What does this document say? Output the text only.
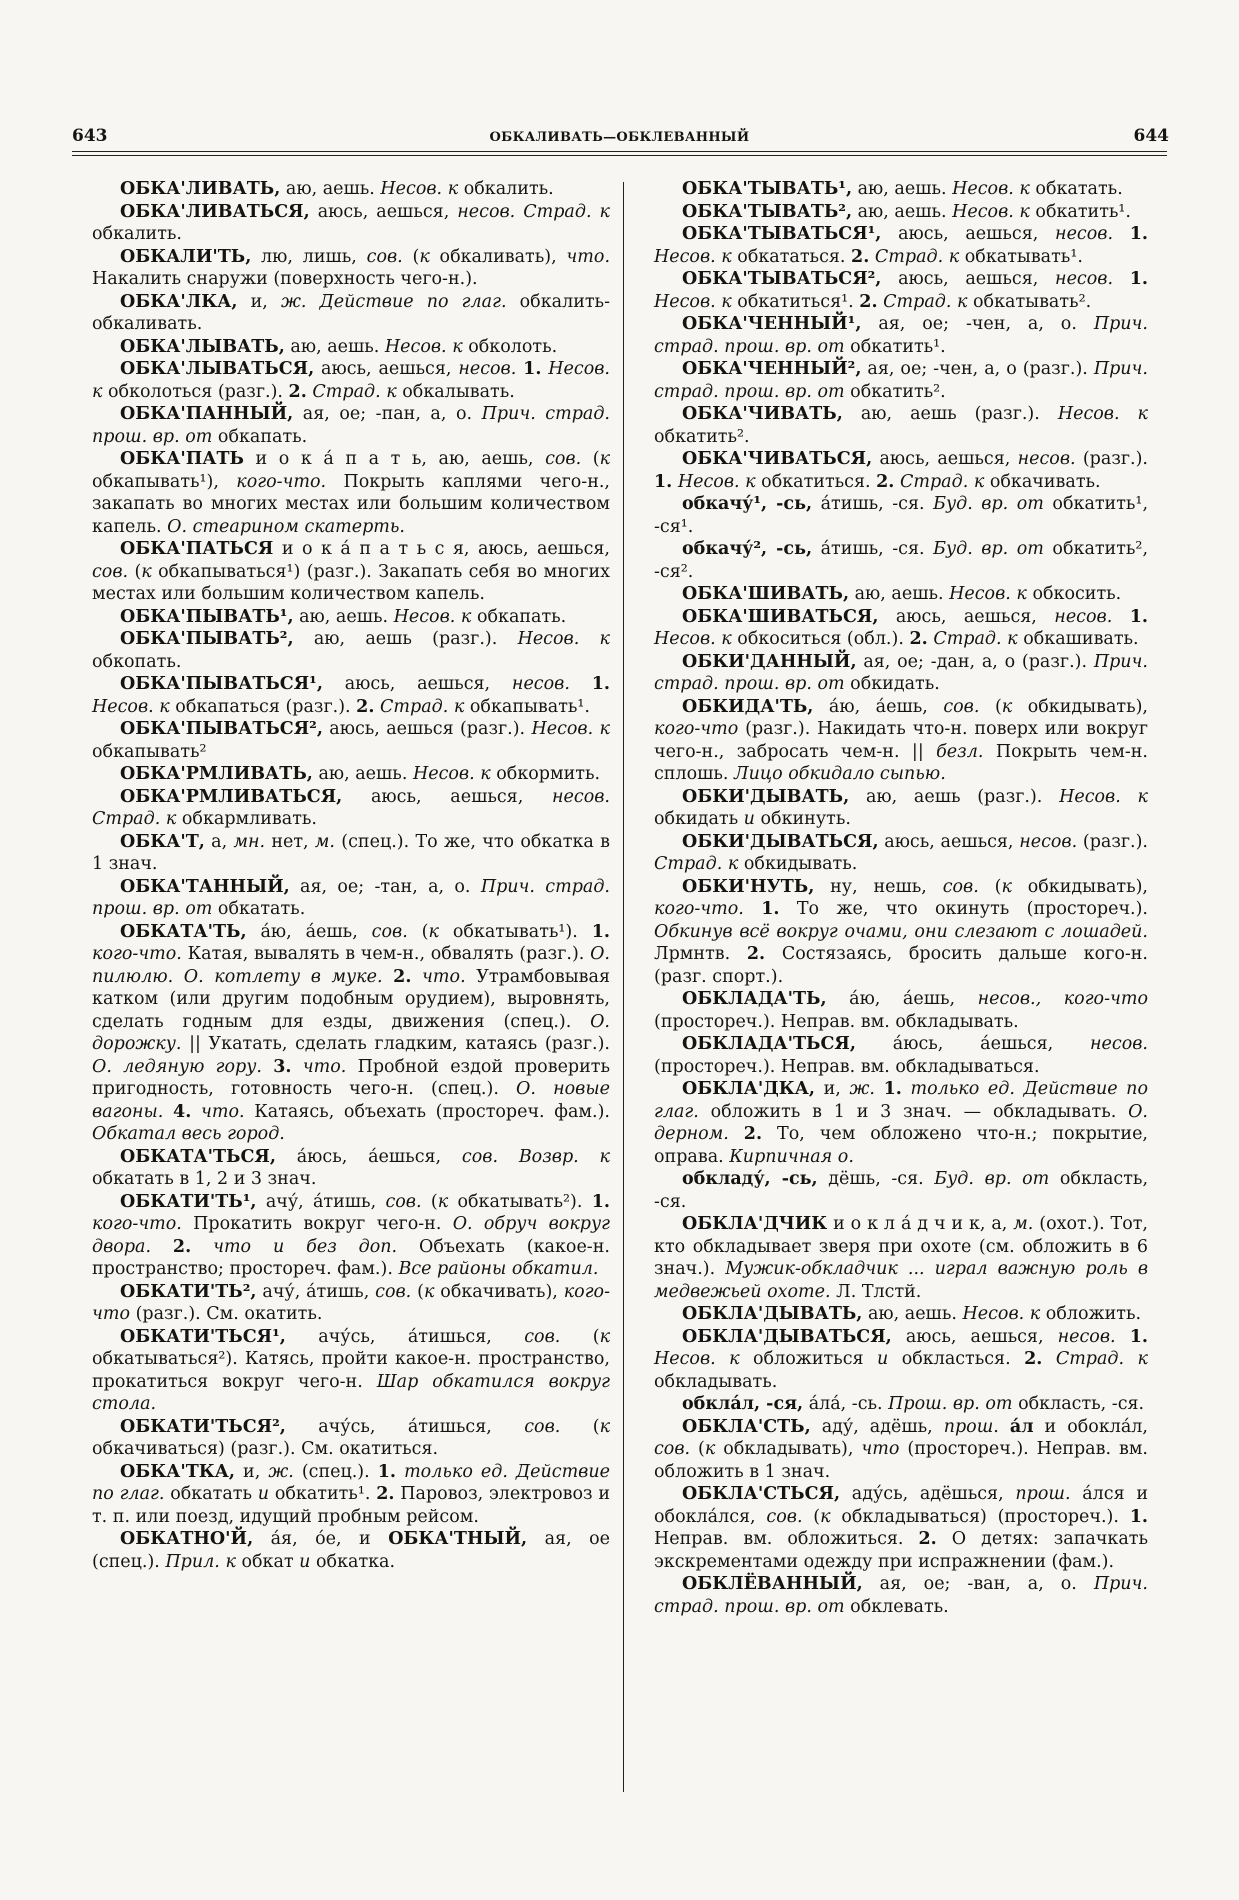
643	ОБКАЛИВАТЬ—ОБКЛЕВАННЫЙ	644

ОБКА'ЛИВАТЬ, аю, аешь. Несов. к обкалить.

ОБКА'ЛИВАТЬСЯ, аюсь, аешься, несов. Страд. к обкалить.

ОБКАЛИ'ТЬ, лю, лишь, сов. (к обкаливать), что. Накалить снаружи (поверхность чего-н.).

ОБКА'ЛКА, и, ж. Действие по глаг. обкалить-обкаливать.

ОБКА'ЛЫВАТЬ, аю, аешь. Несов. к обколоть.

ОБКА'ЛЫВАТЬСЯ, аюсь, аешься, несов. 1. Несов. к обколоться (разг.). 2. Страд. к обкалывать.

ОБКА'ПАННЫЙ, ая, ое; -пан, а, о. Прич. страд. прош. вр. от обкапать.

ОБКА'ПАТЬ и о к а́ п а т ь, аю, аешь, сов. (к обкапывать¹), кого-что. Покрыть каплями чего-н., закапать во многих местах или большим количеством капель. О. стеарином скатерть.

ОБКА'ПАТЬСЯ и о к а́ п а т ь с я, аюсь, аешься, сов. (к обкапываться¹) (разг.). Закапать себя во многих местах или большим количеством капель.

ОБКА'ПЫВАТЬ¹, аю, аешь. Несов. к обкапать.

ОБКА'ПЫВАТЬ², аю, аешь (разг.). Несов. к обкопать.

ОБКА'ПЫВАТЬСЯ¹, аюсь, аешься, несов. 1. Несов. к обкапаться (разг.). 2. Страд. к обкапывать¹.

ОБКА'ПЫВАТЬСЯ², аюсь, аешься (разг.). Несов. к обкапывать²

ОБКА'РМЛИВАТЬ, аю, аешь. Несов. к обкормить.

ОБКА'РМЛИВАТЬСЯ, аюсь, аешься, несов. Страд. к обкармливать.

ОБКА'Т, а, мн. нет, м. (спец.). То же, что обкатка в 1 знач.

ОБКА'ТАННЫЙ, ая, ое; -тан, а, о. Прич. страд. прош. вр. от обкатать.

ОБКАТА'ТЬ, а́ю, а́ешь, сов. (к обкатывать¹). 1. кого-что. Катая, вывалять в чем-н., обвалять (разг.). О. пилюлю. О. котлету в муке. 2. что. Утрамбовывая катком (или другим подобным орудием), выровнять, сделать годным для езды, движения (спец.). О. дорожку. || Укатать, сделать гладким, катаясь (разг.). О. ледяную гору. 3. что. Пробной ездой проверить пригодность, готовность чего-н. (спец.). О. новые вагоны. 4. что. Катаясь, объехать (простореч. фам.). Обкатал весь город.

ОБКАТА'ТЬСЯ, а́юсь, а́ешься, сов. Возвр. к обкатать в 1, 2 и 3 знач.

ОБКАТИ'ТЬ¹, ачу́, а́тишь, сов. (к обкатывать²). 1. кого-что. Прокатить вокруг чего-н. О. обруч вокруг двора. 2. что и без доп. Объехать (какое-н. пространство; простореч. фам.). Все районы обкатил.

ОБКАТИ'ТЬ², ачу́, а́тишь, сов. (к обкачивать), кого-что (разг.). См. окатить.

ОБКАТИ'ТЬСЯ¹, ачу́сь, а́тишься, сов. (к обкатываться²). Катясь, пройти какое-н. пространство, прокатиться вокруг чего-н. Шар обкатился вокруг стола.

ОБКАТИ'ТЬСЯ², ачу́сь, а́тишься, сов. (к обкачиваться) (разг.). См. окатиться.

ОБКА'ТКА, и, ж. (спец.). 1. только ед. Действие по глаг. обкатать и обкатить¹. 2. Паровоз, электровоз и т. п. или поезд, идущий пробным рейсом.

ОБКАТНО'Й, а́я, о́е, и ОБКА'ТНЫЙ, ая, ое (спец.). Прил. к обкат и обкатка.

ОБКА'ТЫВАТЬ¹, аю, аешь. Несов. к обкатать.

ОБКА'ТЫВАТЬ², аю, аешь. Несов. к обкатить¹.

ОБКА'ТЫВАТЬСЯ¹, аюсь, аешься, несов. 1. Несов. к обкататься. 2. Страд. к обкатывать¹.

ОБКА'ТЫВАТЬСЯ², аюсь, аешься, несов. 1. Несов. к обкатиться¹. 2. Страд. к обкатывать².

ОБКА'ЧЕННЫЙ¹, ая, ое; -чен, а, о. Прич. страд. прош. вр. от обкатить¹.

ОБКА'ЧЕННЫЙ², ая, ое; -чен, а, о (разг.). Прич. страд. прош. вр. от обкатить².

ОБКА'ЧИВАТЬ, аю, аешь (разг.). Несов. к обкатить².

ОБКА'ЧИВАТЬСЯ, аюсь, аешься, несов. (разг.). 1. Несов. к обкатиться. 2. Страд. к обкачивать.

обкачу́¹, -сь, а́тишь, -ся. Буд. вр. от обкатить¹, -ся¹.

обкачу́², -сь, а́тишь, -ся. Буд. вр. от обкатить², -ся².

ОБКА'ШИВАТЬ, аю, аешь. Несов. к обкосить.

ОБКА'ШИВАТЬСЯ, аюсь, аешься, несов. 1. Несов. к обкоситься (обл.). 2. Страд. к обкашивать.

ОБКИ'ДАННЫЙ, ая, ое; -дан, а, о (разг.). Прич. страд. прош. вр. от обкидать.

ОБКИДА'ТЬ, а́ю, а́ешь, сов. (к обкидывать), кого-что (разг.). Накидать что-н. поверх или вокруг чего-н., забросать чем-н. || безл. Покрыть чем-н. сплошь. Лицо обкидало сыпью.

ОБКИ'ДЫВАТЬ, аю, аешь (разг.). Несов. к обкидать и обкинуть.

ОБКИ'ДЫВАТЬСЯ, аюсь, аешься, несов. (разг.). Страд. к обкидывать.

ОБКИ'НУТЬ, ну, нешь, сов. (к обкидывать), кого-что. 1. То же, что окинуть (простореч.). Обкинув всё вокруг очами, они слезают с лошадей. Лрмнтв. 2. Состязаясь, бросить дальше кого-н. (разг. спорт.).

ОБКЛАДА'ТЬ, а́ю, а́ешь, несов., кого-что (простореч.). Неправ. вм. обкладывать.

ОБКЛАДА'ТЬСЯ, а́юсь, а́ешься, несов. (простореч.). Неправ. вм. обкладываться.

ОБКЛА'ДКА, и, ж. 1. только ед. Действие по глаг. обложить в 1 и 3 знач. — обкладывать. О. дерном. 2. То, чем обложено что-н.; покрытие, оправа. Кирпичная о.

обкладу́, -сь, дёшь, -ся. Буд. вр. от обкласть, -ся.

ОБКЛА'ДЧИК и о к л а́ д ч и к, а, м. (охот.). Тот, кто обкладывает зверя при охоте (см. обложить в 6 знач.). Мужик-обкладчик ... играл важную роль в медвежьей охоте. Л. Тлстй.

ОБКЛА'ДЫВАТЬ, аю, аешь. Несов. к обложить.

ОБКЛА'ДЫВАТЬСЯ, аюсь, аешься, несов. 1. Несов. к обложиться и обкласться. 2. Страд. к обкладывать.

обкла́л, -ся, а́ла́, -сь. Прош. вр. от обкласть, -ся.

ОБКЛА'СТЬ, аду́, адёшь, прош. а́л и обокла́л, сов. (к обкладывать), что (простореч.). Неправ. вм. обложить в 1 знач.

ОБКЛА'СТЬСЯ, аду́сь, адёшься, прош. а́лся и обокла́лся, сов. (к обкладываться) (простореч.). 1. Неправ. вм. обложиться. 2. О детях: запачкать экскрементами одежду при испражнении (фам.).

ОБКЛЁВАННЫЙ, ая, ое; -ван, а, о. Прич. страд. прош. вр. от обклевать.
